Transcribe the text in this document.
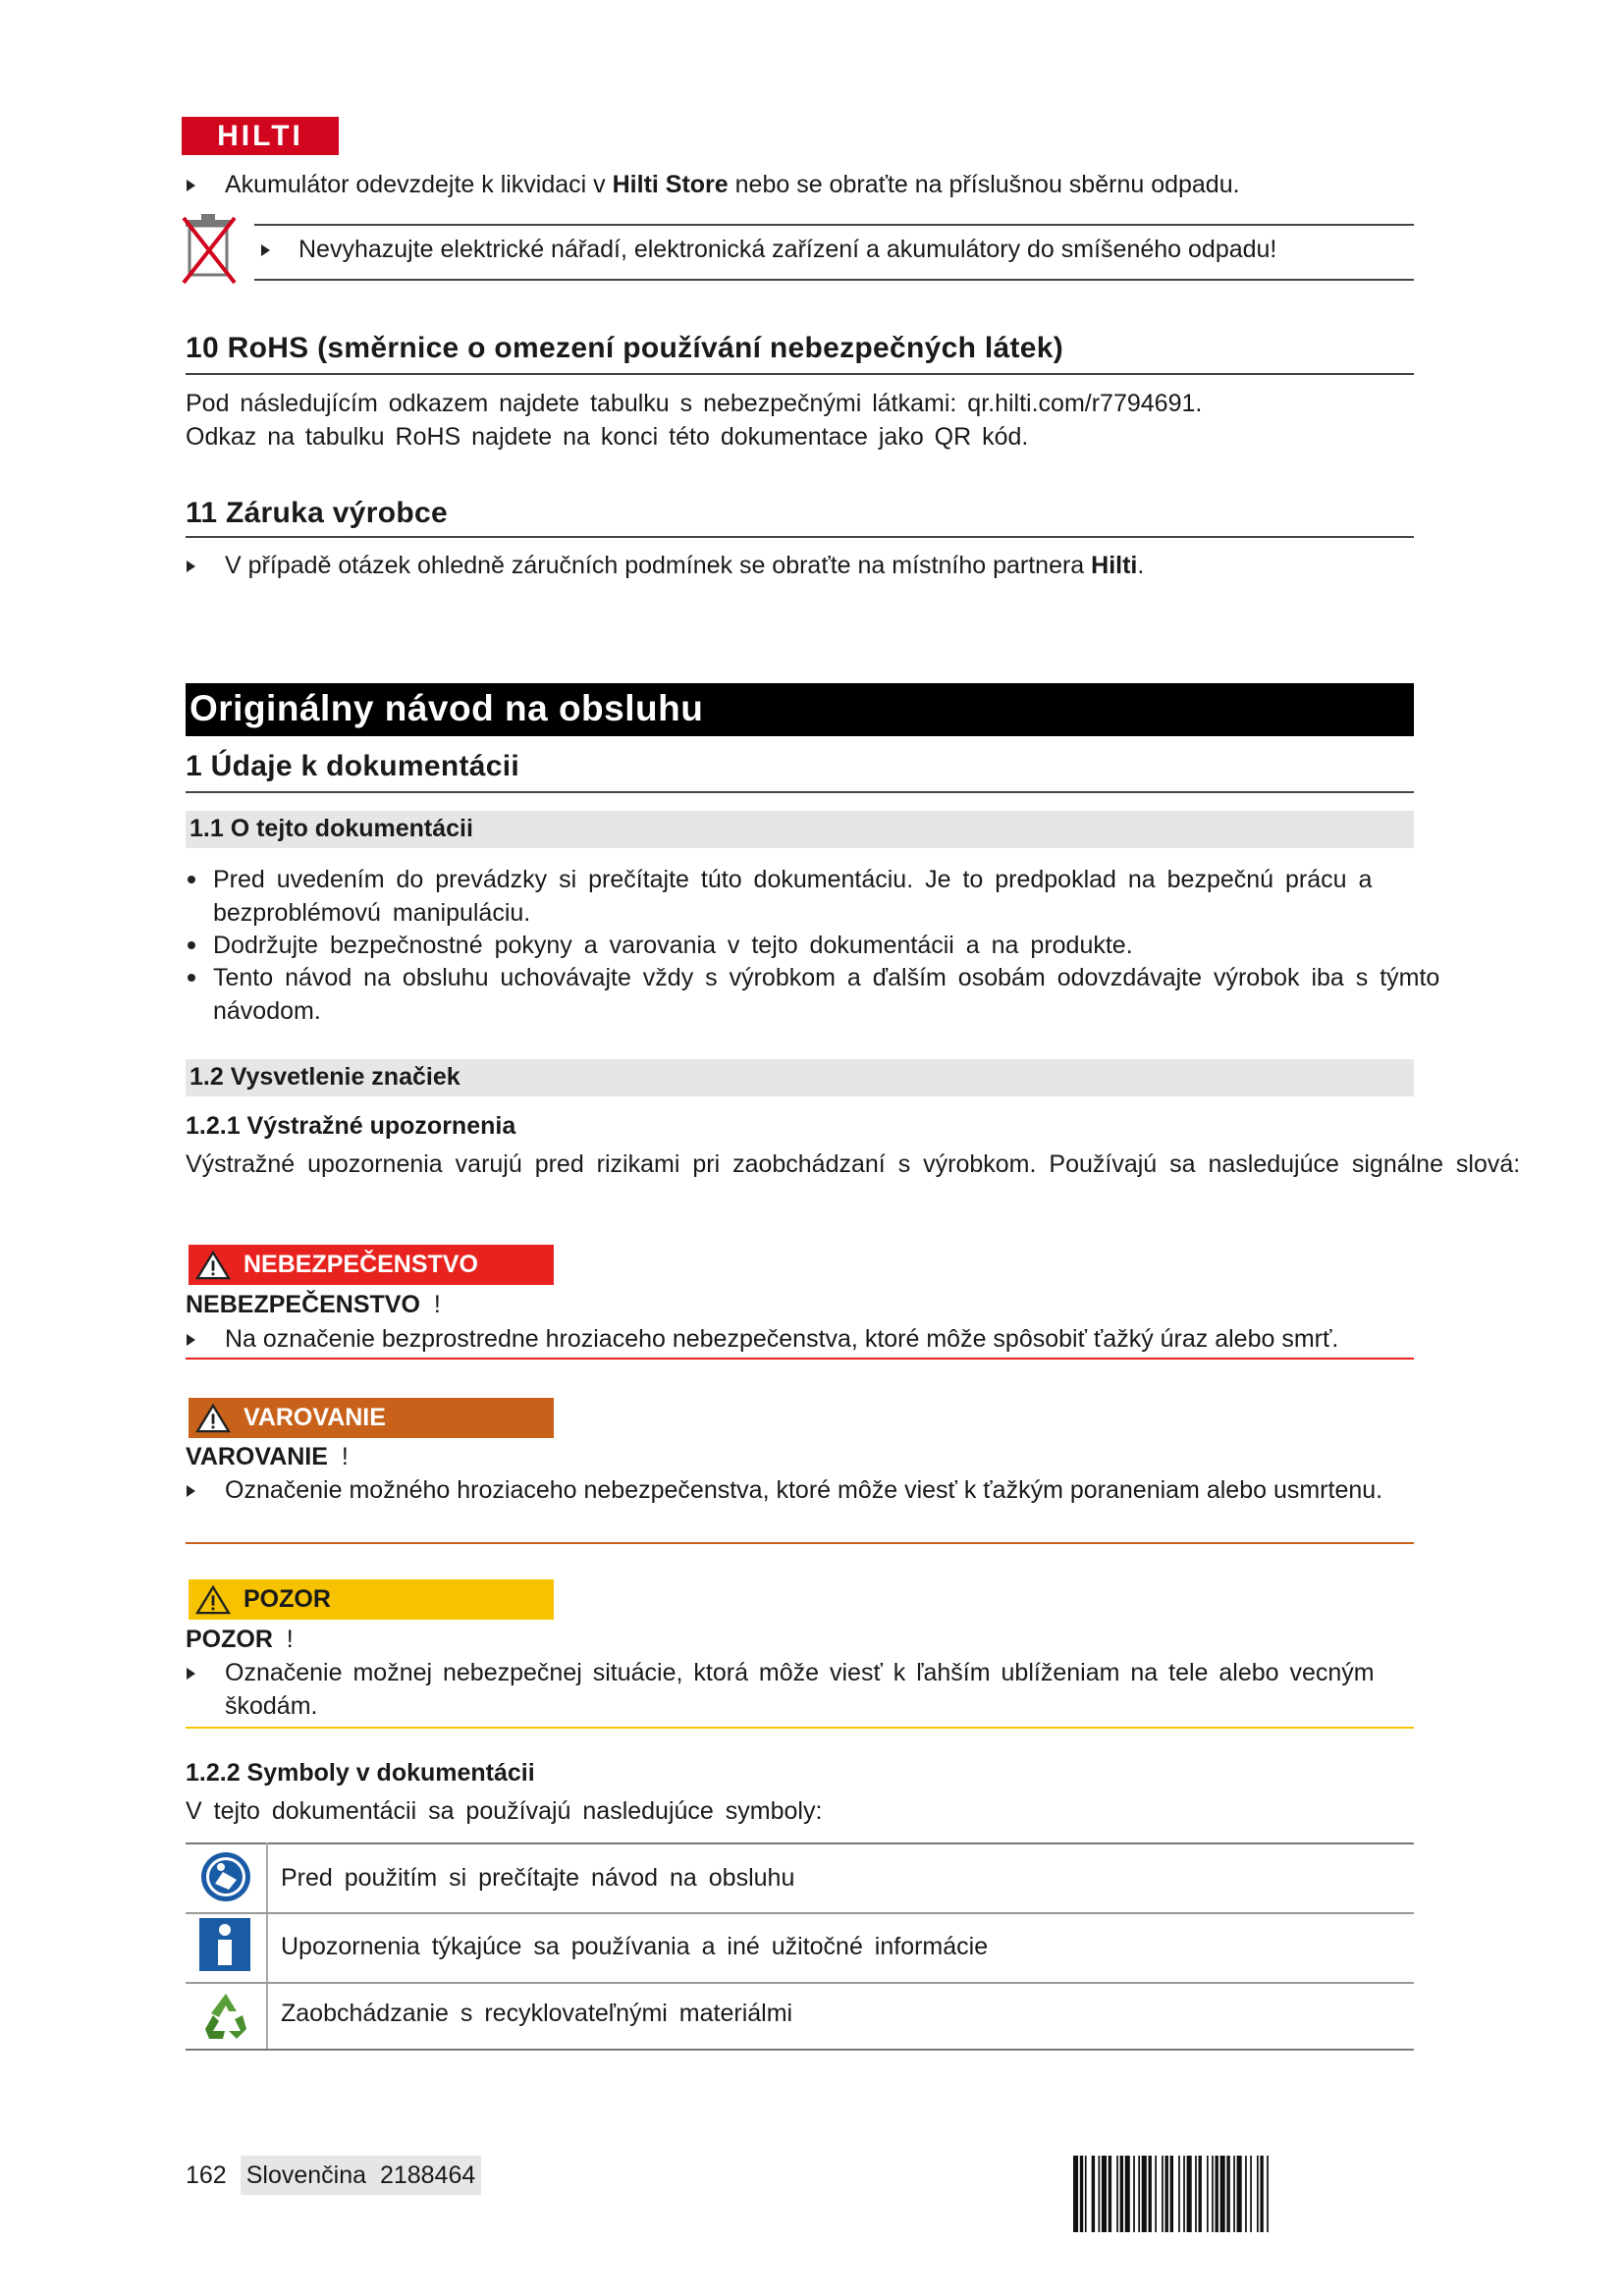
HILTI
Akumulátor odevzdejte k likvidaci v Hilti Store nebo se obraťte na příslušnou sběrnu odpadu.
Nevyhazujte elektrické nářadí, elektronická zařízení a akumulátory do smíšeného odpadu!
10 RoHS (směrnice o omezení používání nebezpečných látek)
Pod následujícím odkazem najdete tabulku s nebezpečnými látkami: qr.hilti.com/r7794691.
Odkaz na tabulku RoHS najdete na konci této dokumentace jako QR kód.
11 Záruka výrobce
V případě otázek ohledně záručních podmínek se obraťte na místního partnera Hilti.
Originálny návod na obsluhu
1 Údaje k dokumentácii
1.1 O tejto dokumentácii
Pred uvedením do prevádzky si prečítajte túto dokumentáciu. Je to predpoklad na bezpečnú prácu a bezproblémovú manipuláciu.
Dodržujte bezpečnostné pokyny a varovania v tejto dokumentácii a na produkte.
Tento návod na obsluhu uchovávajte vždy s výrobkom a ďalším osobám odovzdávajte výrobok iba s týmto návodom.
1.2 Vysvetlenie značiek
1.2.1 Výstražné upozornenia
Výstražné upozornenia varujú pred rizikami pri zaobchádzaní s výrobkom. Používajú sa nasledujúce signálne slová:
NEBEZPEČENSTVO
NEBEZPEČENSTVO  !
Na označenie bezprostredne hroziaceho nebezpečenstva, ktoré môže spôsobiť ťažký úraz alebo smrť.
VAROVANIE
VAROVANIE  !
Označenie možného hroziaceho nebezpečenstva, ktoré môže viesť k ťažkým poraneniam alebo usmrtenu.
POZOR
POZOR  !
Označenie možnej nebezpečnej situácie, ktorá môže viesť k ľahším ublíženiam na tele alebo vecným škodám.
1.2.2 Symboly v dokumentácii
V tejto dokumentácii sa používajú nasledujúce symboly:
Pred použitím si prečítajte návod na obsluhu
Upozornenia týkajúce sa používania a iné užitočné informácie
Zaobchádzanie s recyklovateľnými materiálmi
162 Slovenčina 2188464
